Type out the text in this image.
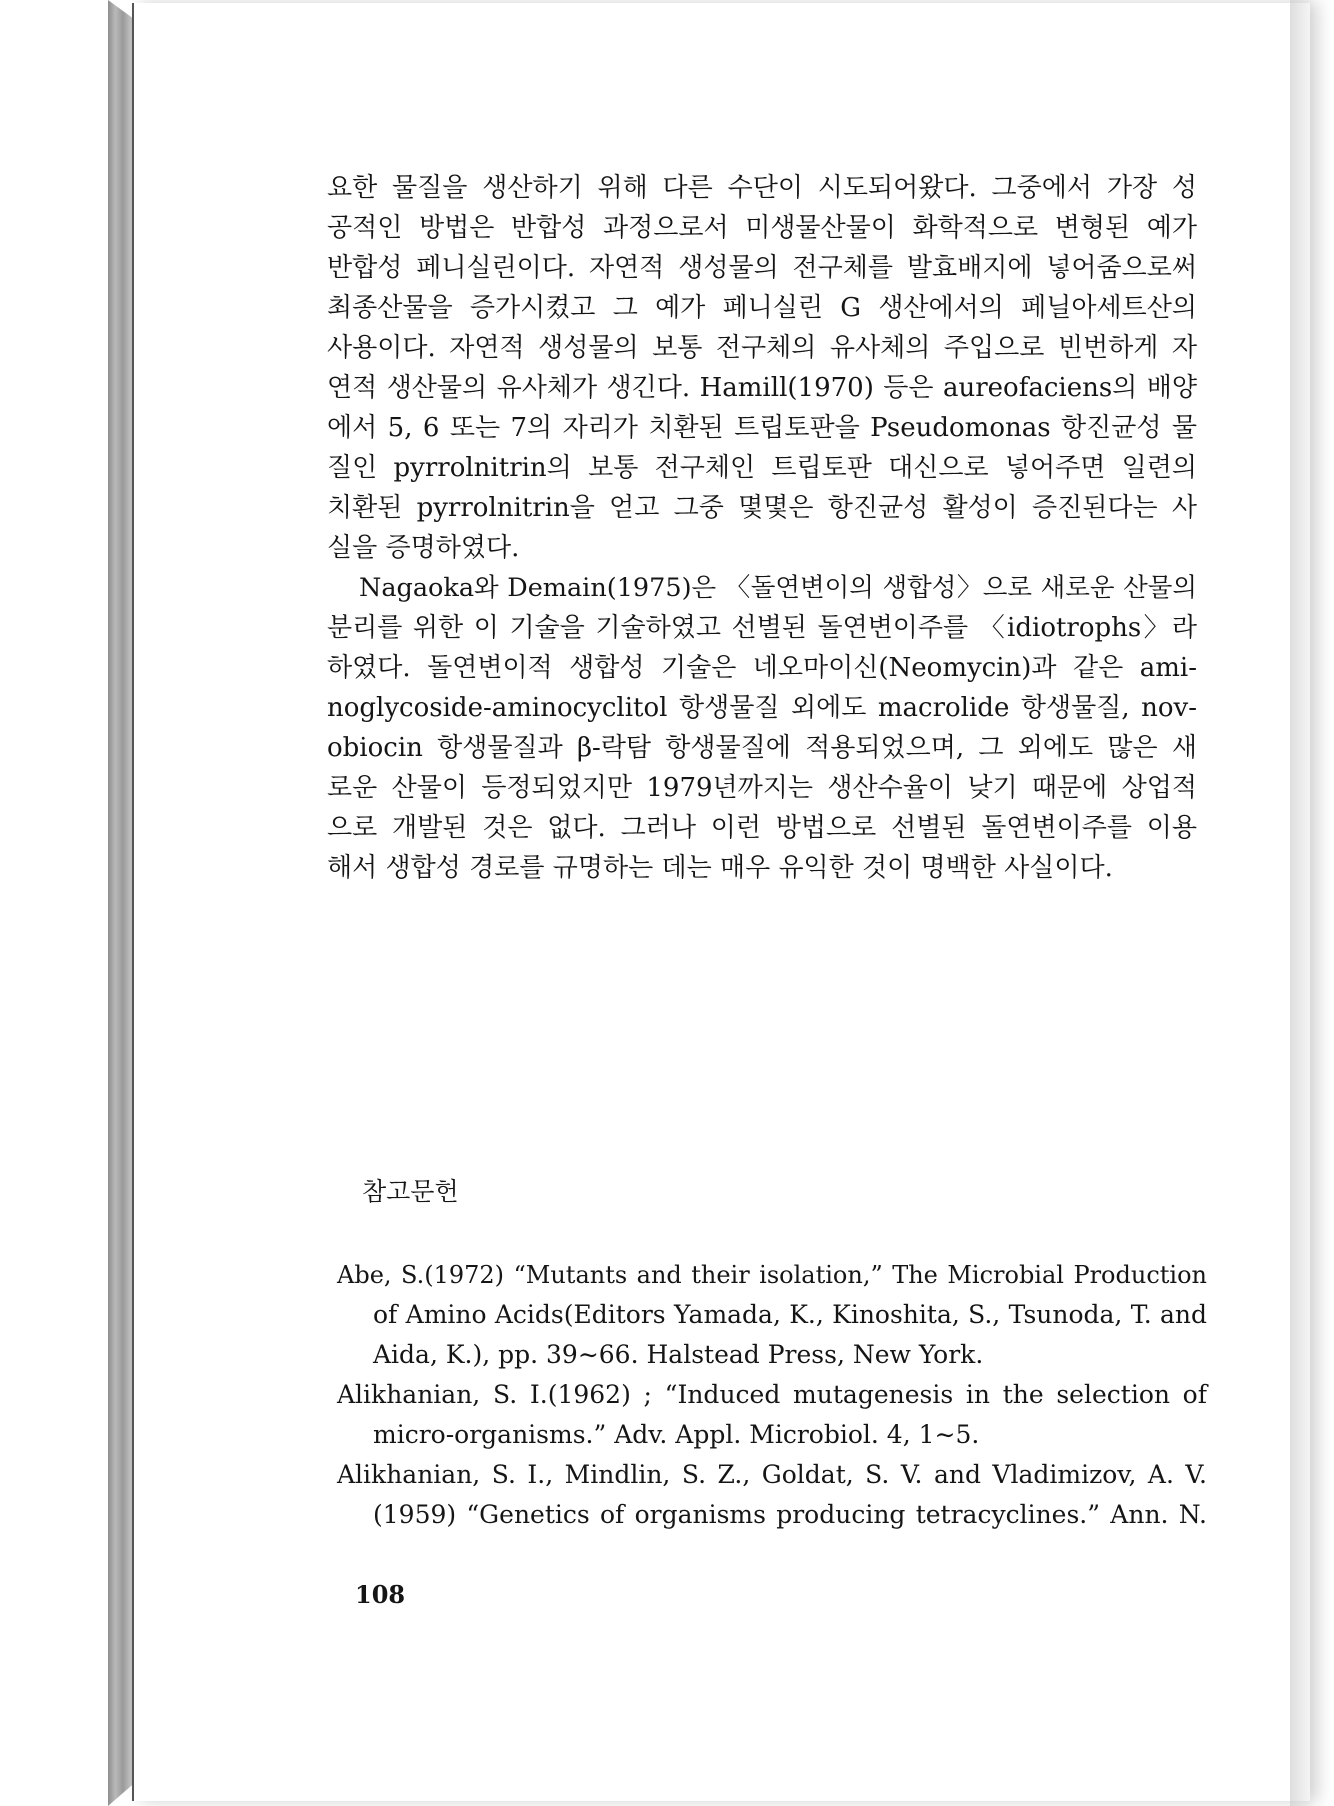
요한 물질을 생산하기 위해 다른 수단이 시도되어왔다. 그중에서 가장 성
공적인 방법은 반합성 과정으로서 미생물산물이 화학적으로 변형된 예가
반합성 페니실린이다. 자연적 생성물의 전구체를 발효배지에 넣어줌으로써
최종산물을 증가시켰고 그 예가 페니실린 G 생산에서의 페닐아세트산의
사용이다. 자연적 생성물의 보통 전구체의 유사체의 주입으로 빈번하게 자
연적 생산물의 유사체가 생긴다. Hamill(1970) 등은 aureofaciens의 배양
에서 5, 6 또는 7의 자리가 치환된 트립토판을 Pseudomonas 항진균성 물
질인 pyrrolnitrin의 보통 전구체인 트립토판 대신으로 넣어주면 일련의
치환된 pyrrolnitrin을 얻고 그중 몇몇은 항진균성 활성이 증진된다는 사
실을 증명하였다.
Nagaoka와 Demain(1975)은 〈돌연변이의 생합성〉으로 새로운 산물의
분리를 위한 이 기술을 기술하였고 선별된 돌연변이주를 〈idiotrophs〉라
하였다. 돌연변이적 생합성 기술은 네오마이신(Neomycin)과 같은 ami-
noglycoside-aminocyclitol 항생물질 외에도 macrolide 항생물질, nov-
obiocin 항생물질과 β-락탐 항생물질에 적용되었으며, 그 외에도 많은 새
로운 산물이 등정되었지만 1979년까지는 생산수율이 낮기 때문에 상업적
으로 개발된 것은 없다. 그러나 이런 방법으로 선별된 돌연변이주를 이용
해서 생합성 경로를 규명하는 데는 매우 유익한 것이 명백한 사실이다.
참고문헌
Abe, S.(1972) “Mutants and their isolation,” The Microbial Production
of Amino Acids(Editors Yamada, K., Kinoshita, S., Tsunoda, T. and
Aida, K.), pp. 39∼66. Halstead Press, New York.
Alikhanian, S. I.(1962) ; “Induced mutagenesis in the selection of
micro-organisms.” Adv. Appl. Microbiol. 4, 1∼5.
Alikhanian, S. I., Mindlin, S. Z., Goldat, S. V. and Vladimizov, A. V.
(1959) “Genetics of organisms producing tetracyclines.” Ann. N.
108
